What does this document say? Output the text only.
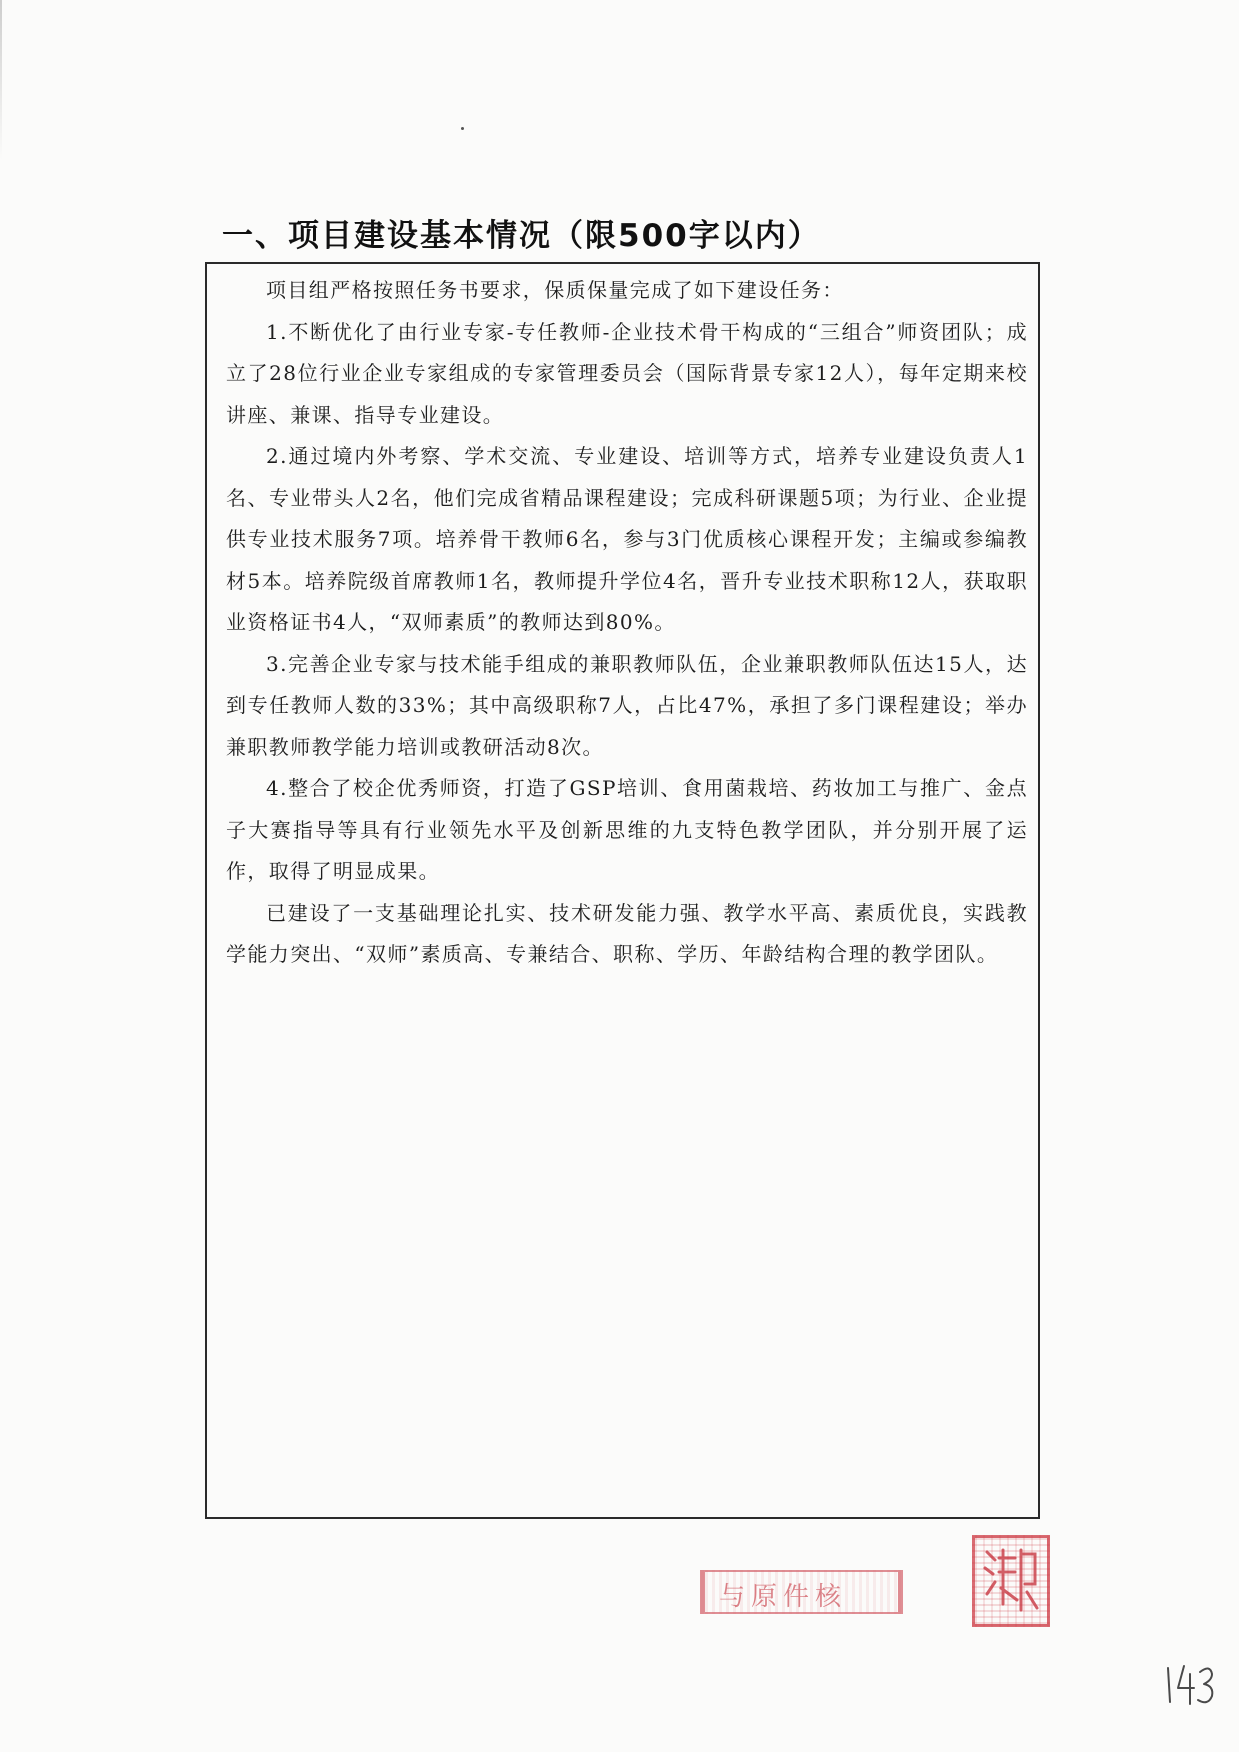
一、项目建设基本情况（限500字以内）

项目组严格按照任务书要求，保质保量完成了如下建设任务：

1.不断优化了由行业专家-专任教师-企业技术骨干构成的“三组合”师资团队；成立了28位行业企业专家组成的专家管理委员会（国际背景专家12人），每年定期来校讲座、兼课、指导专业建设。

2.通过境内外考察、学术交流、专业建设、培训等方式，培养专业建设负责人1名、专业带头人2名，他们完成省精品课程建设；完成科研课题5项；为行业、企业提供专业技术服务7项。培养骨干教师6名，参与3门优质核心课程开发；主编或参编教材5本。培养院级首席教师1名，教师提升学位4名，晋升专业技术职称12人，获取职业资格证书4人，“双师素质”的教师达到80%。

3.完善企业专家与技术能手组成的兼职教师队伍，企业兼职教师队伍达15人，达到专任教师人数的33%；其中高级职称7人，占比47%，承担了多门课程建设；举办兼职教师教学能力培训或教研活动8次。

4.整合了校企优秀师资，打造了GSP培训、食用菌栽培、药妆加工与推广、金点子大赛指导等具有行业领先水平及创新思维的九支特色教学团队，并分别开展了运作，取得了明显成果。

已建设了一支基础理论扎实、技术研发能力强、教学水平高、素质优良，实践教学能力突出、“双师”素质高、专兼结合、职称、学历、年龄结构合理的教学团队。

与原件核
